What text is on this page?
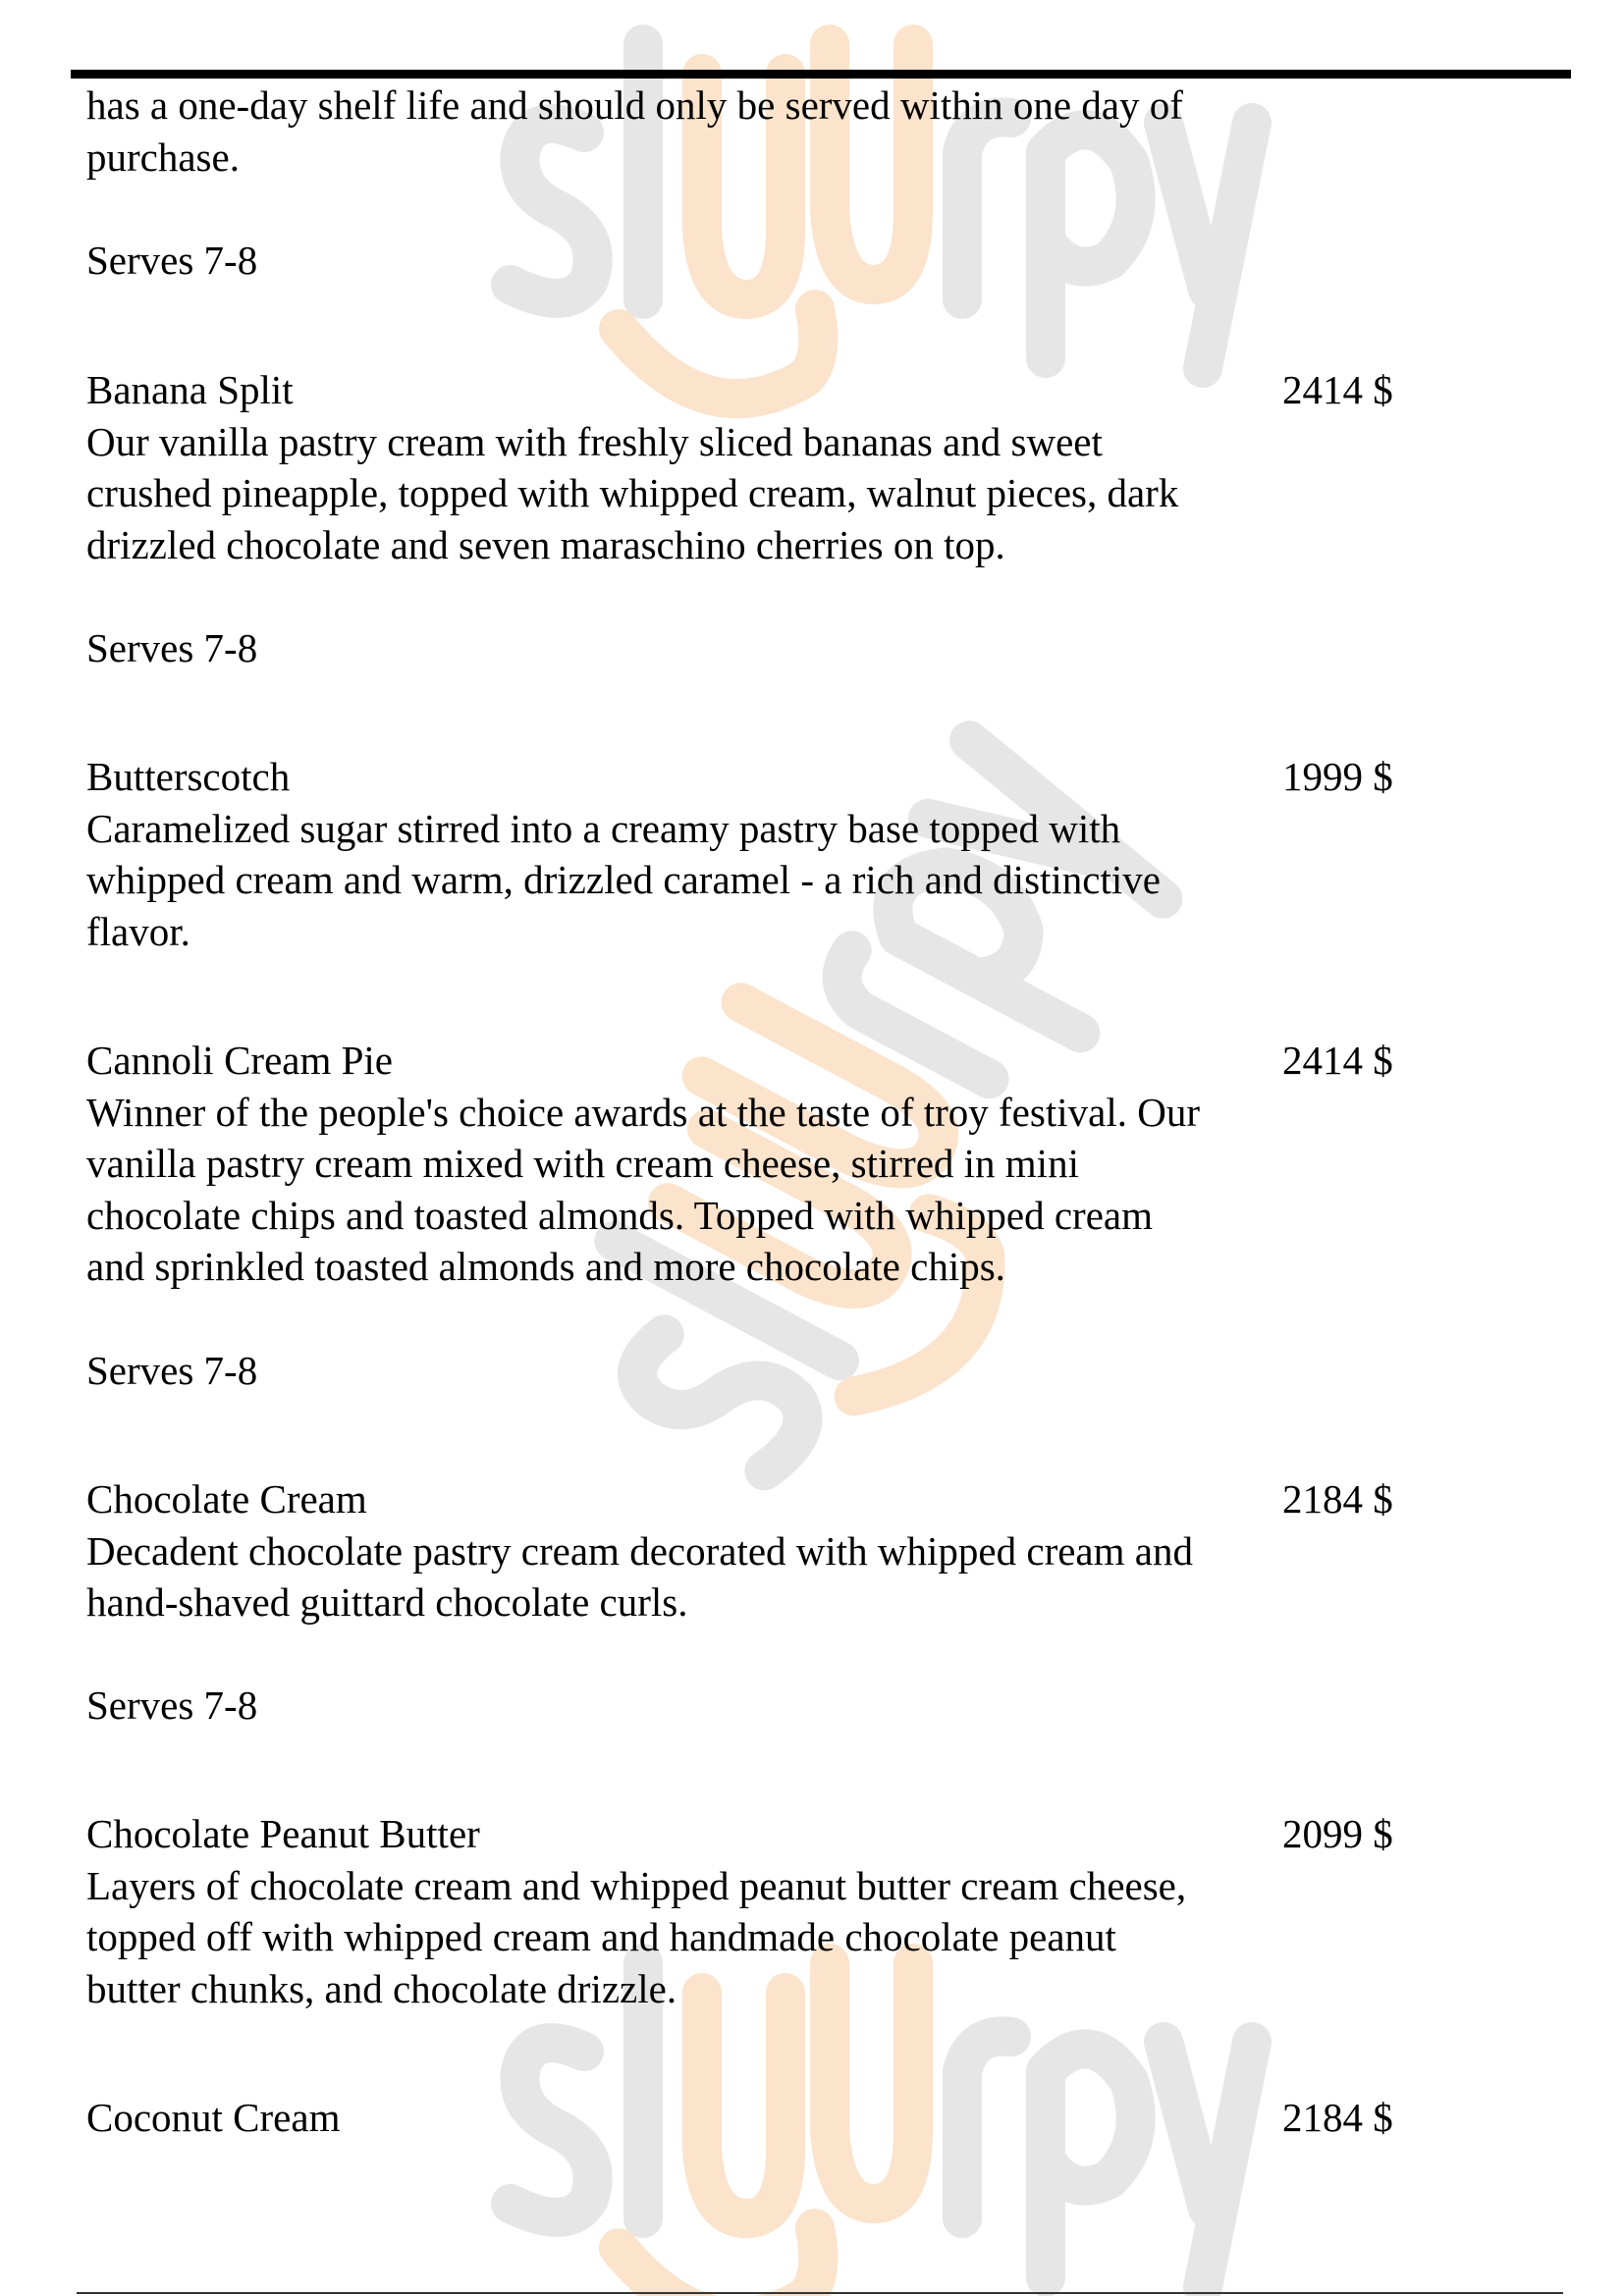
has a one-day shelf life and should only be served within one day of
purchase.
Serves 7-8
Banana Split
Our vanilla pastry cream with freshly sliced bananas and sweet
crushed pineapple, topped with whipped cream, walnut pieces, dark
drizzled chocolate and seven maraschino cherries on top.
Serves 7-8
2414 $
Butterscotch
Caramelized sugar stirred into a creamy pastry base topped with
whipped cream and warm, drizzled caramel - a rich and distinctive
flavor.
1999 $
Cannoli Cream Pie
Winner of the people's choice awards at the taste of troy festival. Our
vanilla pastry cream mixed with cream cheese, stirred in mini
chocolate chips and toasted almonds. Topped with whipped cream
and sprinkled toasted almonds and more chocolate chips.
Serves 7-8
2414 $
Chocolate Cream
Decadent chocolate pastry cream decorated with whipped cream and
hand-shaved guittard chocolate curls.
Serves 7-8
2184 $
Chocolate Peanut Butter
Layers of chocolate cream and whipped peanut butter cream cheese,
topped off with whipped cream and handmade chocolate peanut
butter chunks, and chocolate drizzle.
2099 $
Coconut Cream	2184 $
